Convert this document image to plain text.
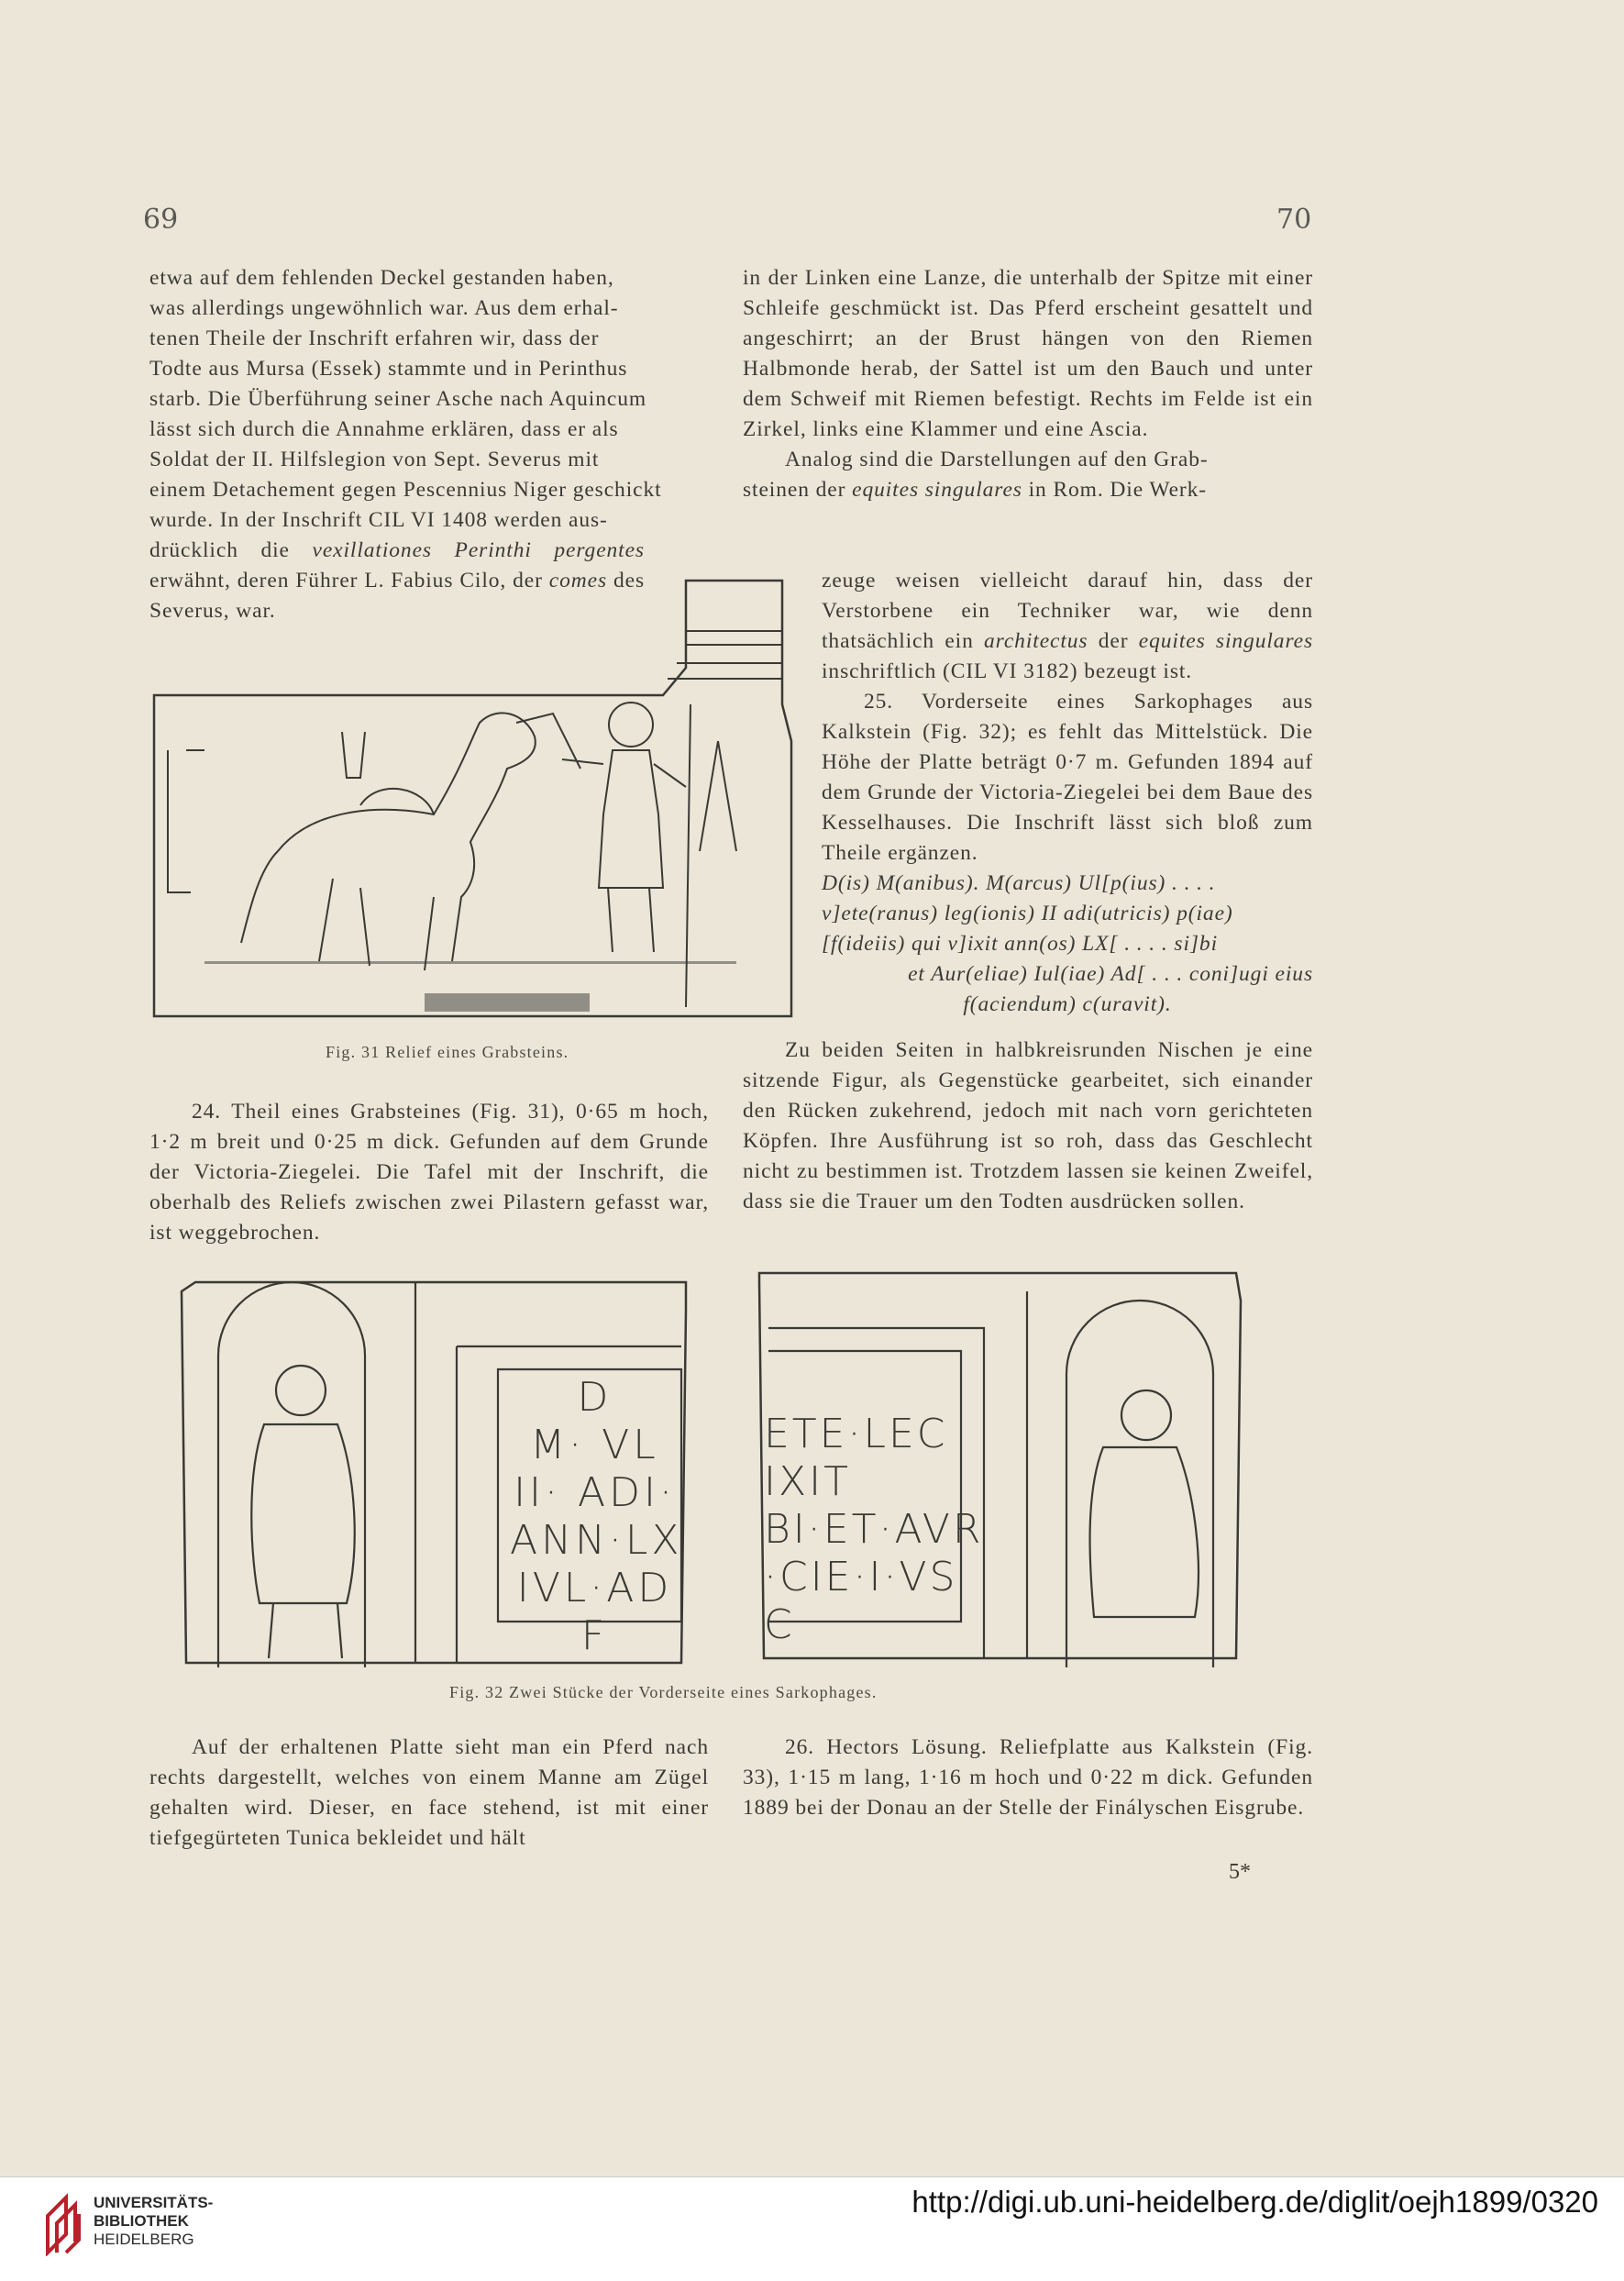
69	70

etwa auf dem fehlenden Deckel gestanden haben,

was allerdings ungewöhnlich war. Aus dem erhal-

tenen Theile der Inschrift erfahren wir, dass der

Todte aus Mursa (Essek) stammte und in Perinthus

starb. Die Überführung seiner Asche nach Aquincum

lässt sich durch die Annahme erklären, dass er als

Soldat der II. Hilfslegion von Sept. Severus mit

einem Detachement gegen Pescennius Niger geschickt

wurde. In der Inschrift CIL VI 1408 werden aus-

drücklich die vexillationes Perinthi pergentes erwähnt, deren Führer L. Fabius Cilo, der comes des Severus, war.
Fig. 31 Relief eines Grabsteins.

24. Theil eines Grabsteines (Fig. 31), 0·65 m hoch, 1·2 m breit und 0·25 m dick. Gefunden auf dem Grunde der Victoria-Ziegelei. Die Tafel mit der Inschrift, die oberhalb des Reliefs zwischen zwei Pilastern gefasst war, ist weggebrochen.

D
M· VL
II· ADI·
ANN·LX
IVL·AD
F
ETE·LEC
IXIT
BI·ET·AVR
·CIE·I·VS
C
Fig. 32 Zwei Stücke der Vorderseite eines Sarkophages.

Auf der erhaltenen Platte sieht man ein Pferd nach rechts dargestellt, welches von einem Manne am Zügel gehalten wird. Dieser, en face stehend, ist mit einer tiefgegürteten Tunica bekleidet und hält

in der Linken eine Lanze, die unterhalb der Spitze mit einer Schleife geschmückt ist. Das Pferd erscheint gesattelt und angeschirrt; an der Brust hängen von den Riemen Halbmonde herab, der Sattel ist um den Bauch und unter dem Schweif mit Riemen befestigt. Rechts im Felde ist ein Zirkel, links eine Klammer und eine Ascia.

Analog sind die Darstellungen auf den Grab-

steinen der equites singulares in Rom. Die Werk-

zeuge weisen vielleicht darauf hin, dass der Verstorbene ein Techniker war, wie denn thatsächlich ein architectus der equites singulares inschriftlich (CIL VI 3182) bezeugt ist.

25. Vorderseite eines Sarkophages aus Kalkstein (Fig. 32); es fehlt das Mittelstück. Die Höhe der Platte beträgt 0·7 m. Gefunden 1894 auf dem Grunde der Victoria-Ziegelei bei dem Baue des Kesselhauses. Die Inschrift lässt sich bloß zum Theile ergänzen.

D(is) M(anibus). M(arcus) Ul[p(ius) . . . .

v]ete(ranus) leg(ionis) II adi(utricis) p(iae)

[f(ideiis) qui v]ixit ann(os) LX[ . . . . si]bi

et Aur(eliae) Iul(iae) Ad[ . . . coni]ugi eius

f(aciendum) c(uravit).

Zu beiden Seiten in halbkreisrunden Nischen je eine sitzende Figur, als Gegenstücke gearbeitet, sich einander den Rücken zukehrend, jedoch mit nach vorn gerichteten Köpfen. Ihre Ausführung ist so roh, dass das Geschlecht nicht zu bestimmen ist. Trotzdem lassen sie keinen Zweifel, dass sie die Trauer um den Todten ausdrücken sollen.

26. Hectors Lösung. Reliefplatte aus Kalkstein (Fig. 33), 1·15 m lang, 1·16 m hoch und 0·22 m dick. Gefunden 1889 bei der Donau an der Stelle der Finályschen Eisgrube.

5*
UNIVERSITÄTS-
BIBLIOTHEK
HEIDELBERG
http://digi.ub.uni-heidelberg.de/diglit/oejh1899/0320
